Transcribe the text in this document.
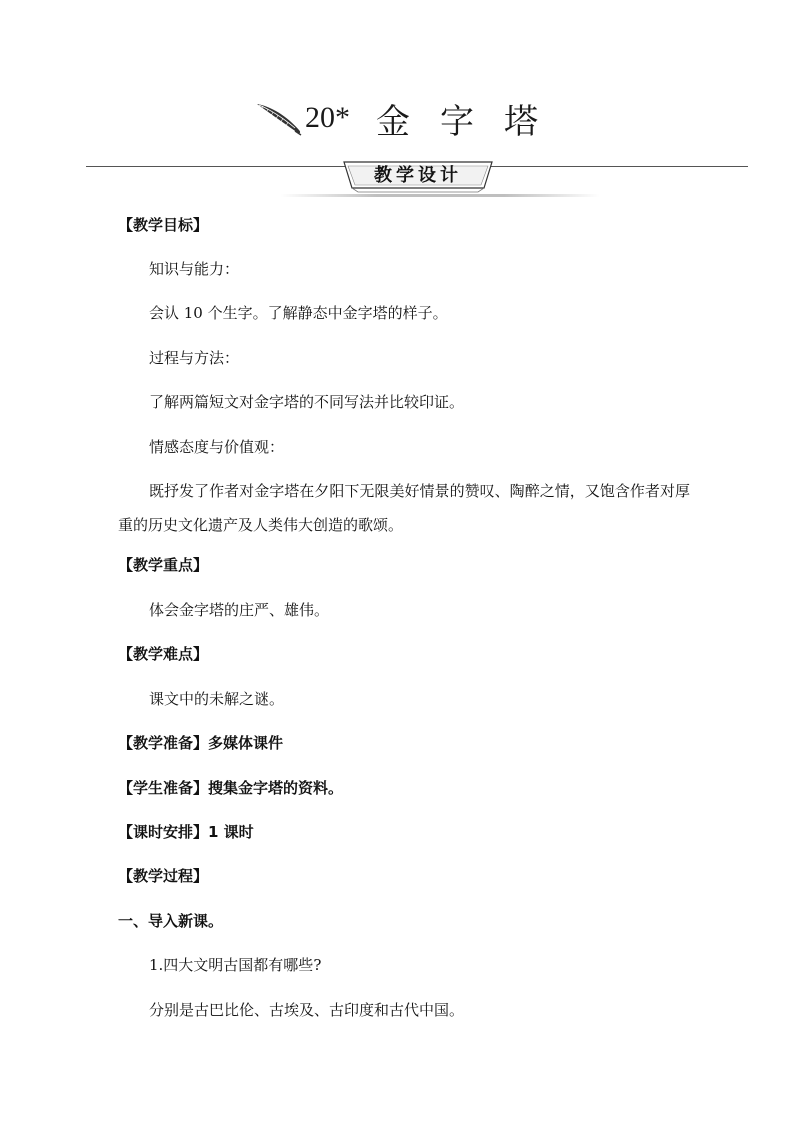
20* 金字塔
教学设计
【教学目标】
知识与能力：
会认 10 个生字。了解静态中金字塔的样子。
过程与方法：
了解两篇短文对金字塔的不同写法并比较印证。
情感态度与价值观：
既抒发了作者对金字塔在夕阳下无限美好情景的赞叹、陶醉之情，又饱含作者对厚重的历史文化遗产及人类伟大创造的歌颂。
【教学重点】
体会金字塔的庄严、雄伟。
【教学难点】
课文中的未解之谜。
【教学准备】多媒体课件
【学生准备】搜集金字塔的资料。
【课时安排】1 课时
【教学过程】
一、导入新课。
1.四大文明古国都有哪些?
分别是古巴比伦、古埃及、古印度和古代中国。
